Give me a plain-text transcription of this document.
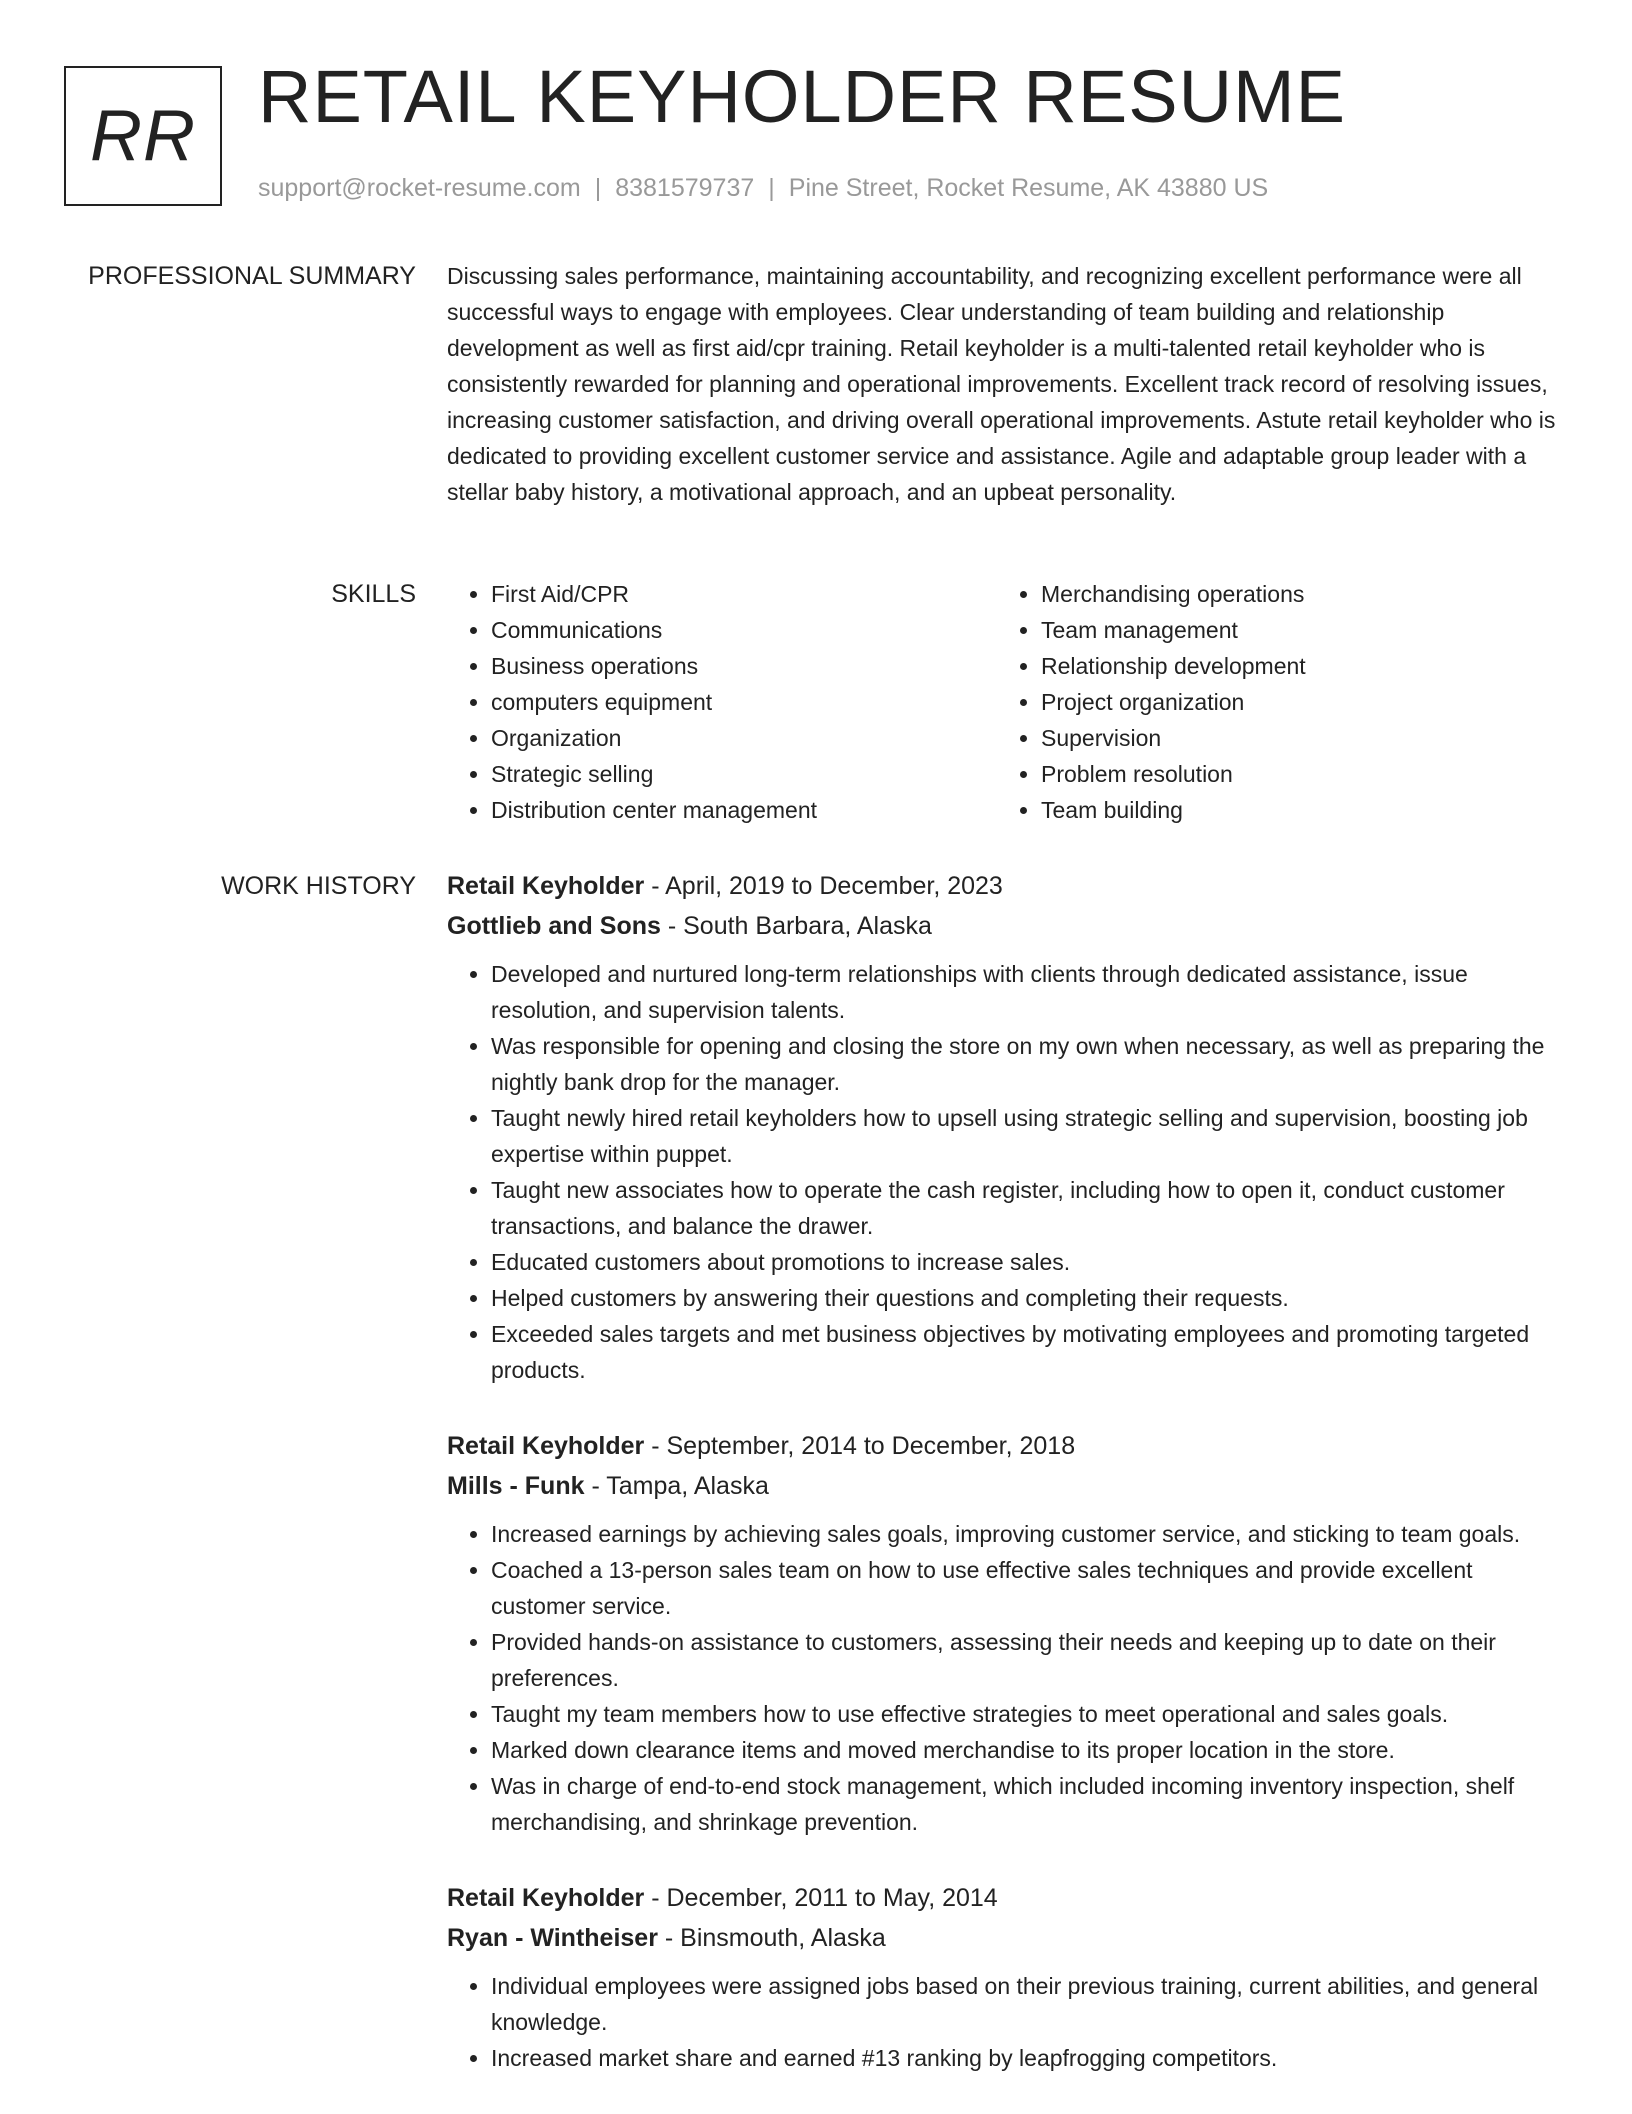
RR RETAIL KEYHOLDER RESUME
support@rocket-resume.com | 8381579737 | Pine Street, Rocket Resume, AK 43880 US
PROFESSIONAL SUMMARY Discussing sales performance, maintaining accountability, and recognizing excellent performance were all successful ways to engage with employees. Clear understanding of team building and relationship development as well as first aid/cpr training. Retail keyholder is a multi-talented retail keyholder who is consistently rewarded for planning and operational improvements. Excellent track record of resolving issues, increasing customer satisfaction, and driving overall operational improvements. Astute retail keyholder who is dedicated to providing excellent customer service and assistance. Agile and adaptable group leader with a stellar baby history, a motivational approach, and an upbeat personality.

SKILLS
•	First Aid/CPR
• Communications
• Business operations
• computers equipment
• Organization
• Strategic selling
• Distribution center management
• Merchandising operations
• Team management
• Relationship development
• Project organization
• Supervision
• Problem resolution
• Team building
WORK HISTORY Retail Keyholder - April, 2019 to December, 2023
Gottlieb and Sons - South Barbara, Alaska
• Developed and nurtured long-term relationships with clients through dedicated assistance, issue resolution, and supervision talents.
• Was responsible for opening and closing the store on my own when necessary, as well as preparing the nightly bank drop for the manager.
• Taught newly hired retail keyholders how to upsell using strategic selling and supervision, boosting job expertise within puppet.
• Taught new associates how to operate the cash register, including how to open it, conduct customer transactions, and balance the drawer.
• Educated customers about promotions to increase sales.
• Helped customers by answering their questions and completing their requests.
• Exceeded sales targets and met business objectives by motivating employees and promoting targeted products.
Retail Keyholder - September, 2014 to December, 2018
Mills - Funk - Tampa, Alaska
• Increased earnings by achieving sales goals, improving customer service, and sticking to team goals.
• Coached a 13-person sales team on how to use effective sales techniques and provide excellent customer service.
• Provided hands-on assistance to customers, assessing their needs and keeping up to date on their preferences.
• Taught my team members how to use effective strategies to meet operational and sales goals.
• Marked down clearance items and moved merchandise to its proper location in the store.
• Was in charge of end-to-end stock management, which included incoming inventory inspection, shelf merchandising, and shrinkage prevention.
Retail Keyholder - December, 2011 to May, 2014
Ryan - Wintheiser - Binsmouth, Alaska
• Individual employees were assigned jobs based on their previous training, current abilities, and general knowledge.
• Increased market share and earned #13 ranking by leapfrogging competitors.
